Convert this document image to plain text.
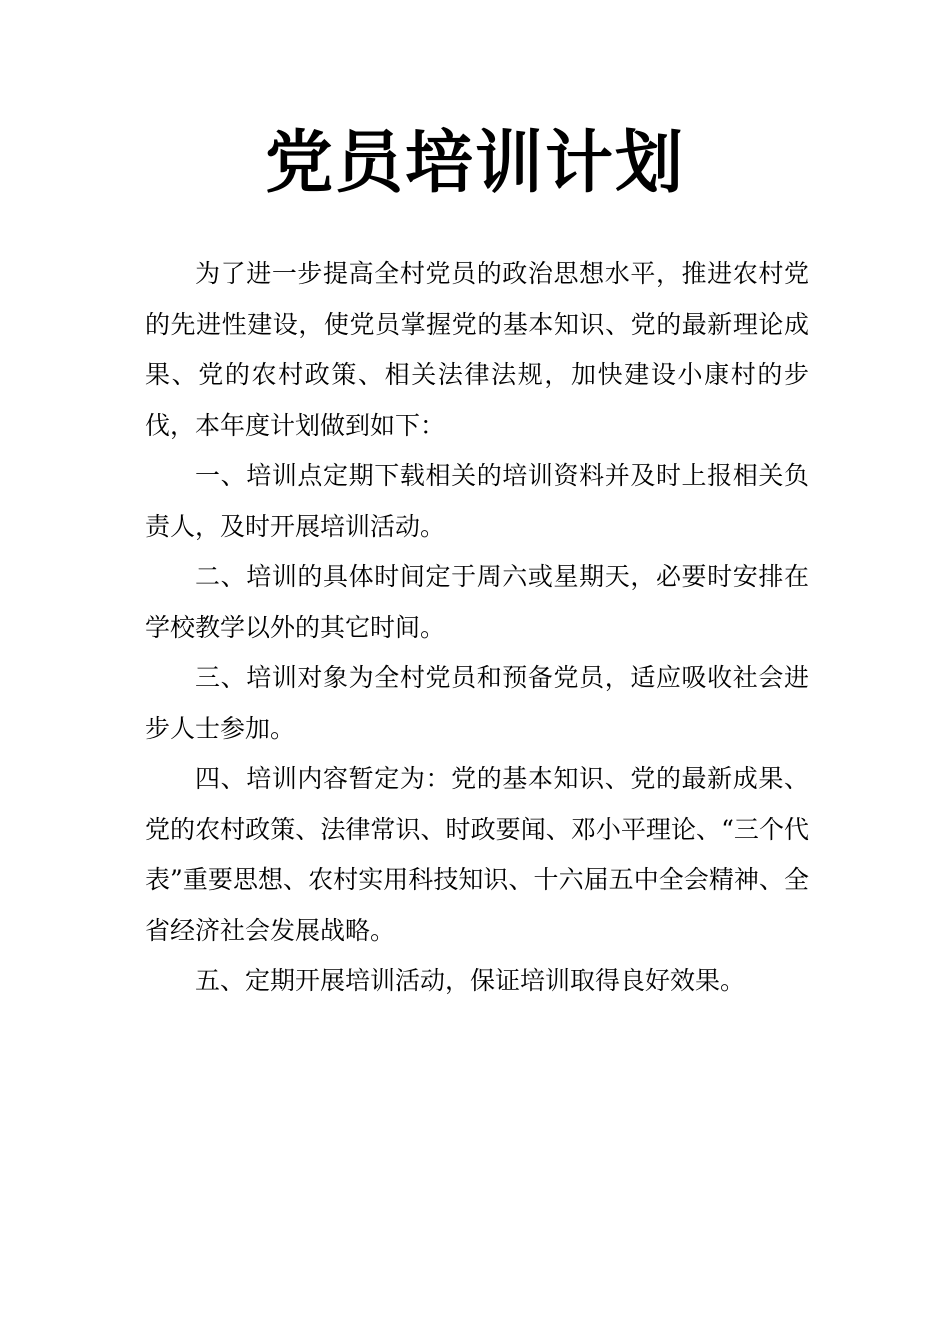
党员培训计划

为了进一步提高全村党员的政治思想水平，推进农村党的先进性建设，使党员掌握党的基本知识、党的最新理论成果、党的农村政策、相关法律法规，加快建设小康村的步伐，本年度计划做到如下：

一、培训点定期下载相关的培训资料并及时上报相关负责人，及时开展培训活动。

二、培训的具体时间定于周六或星期天，必要时安排在学校教学以外的其它时间。

三、培训对象为全村党员和预备党员，适应吸收社会进步人士参加。

四、培训内容暂定为：党的基本知识、党的最新成果、党的农村政策、法律常识、时政要闻、邓小平理论、“三个代表”重要思想、农村实用科技知识、十六届五中全会精神、全省经济社会发展战略。

五、定期开展培训活动，保证培训取得良好效果。
